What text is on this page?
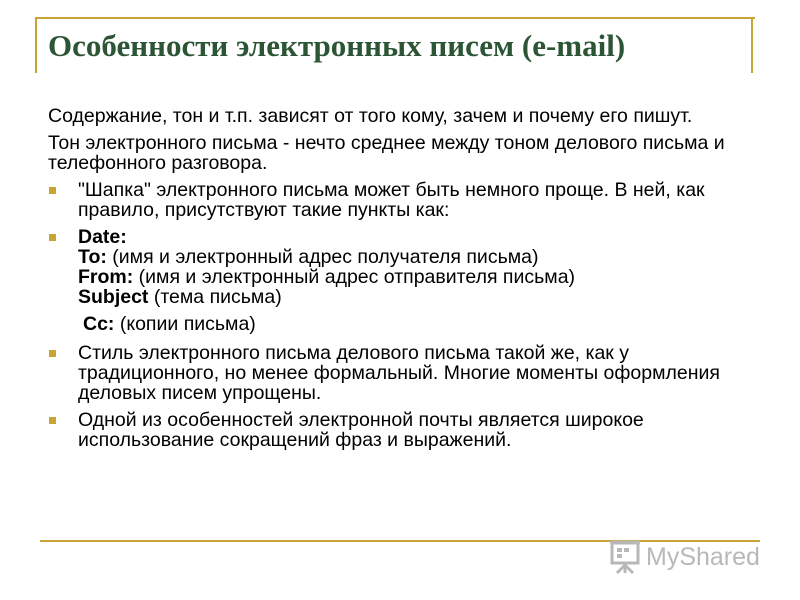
Особенности электронных писем (e-mail)

Содержание, тон и т.п. зависят от того кому, зачем и почему его пишут.

Тон электронного письма - нечто среднее между тоном делового письма и телефонного разговора.

"Шапка" электронного письма может быть немного проще. В ней, как правило, присутствуют такие пункты как:
Date:
To: (имя и электронный адрес получателя письма)
From: (имя и электронный адрес отправителя письма)
Subject (тема письма)
Cc: (копии письма)
Стиль электронного письма делового письма такой же, как у традиционного, но менее формальный. Многие моменты оформления деловых писем упрощены.
Одной из особенностей электронной почты является широкое использование сокращений фраз и выражений.
MyShared
